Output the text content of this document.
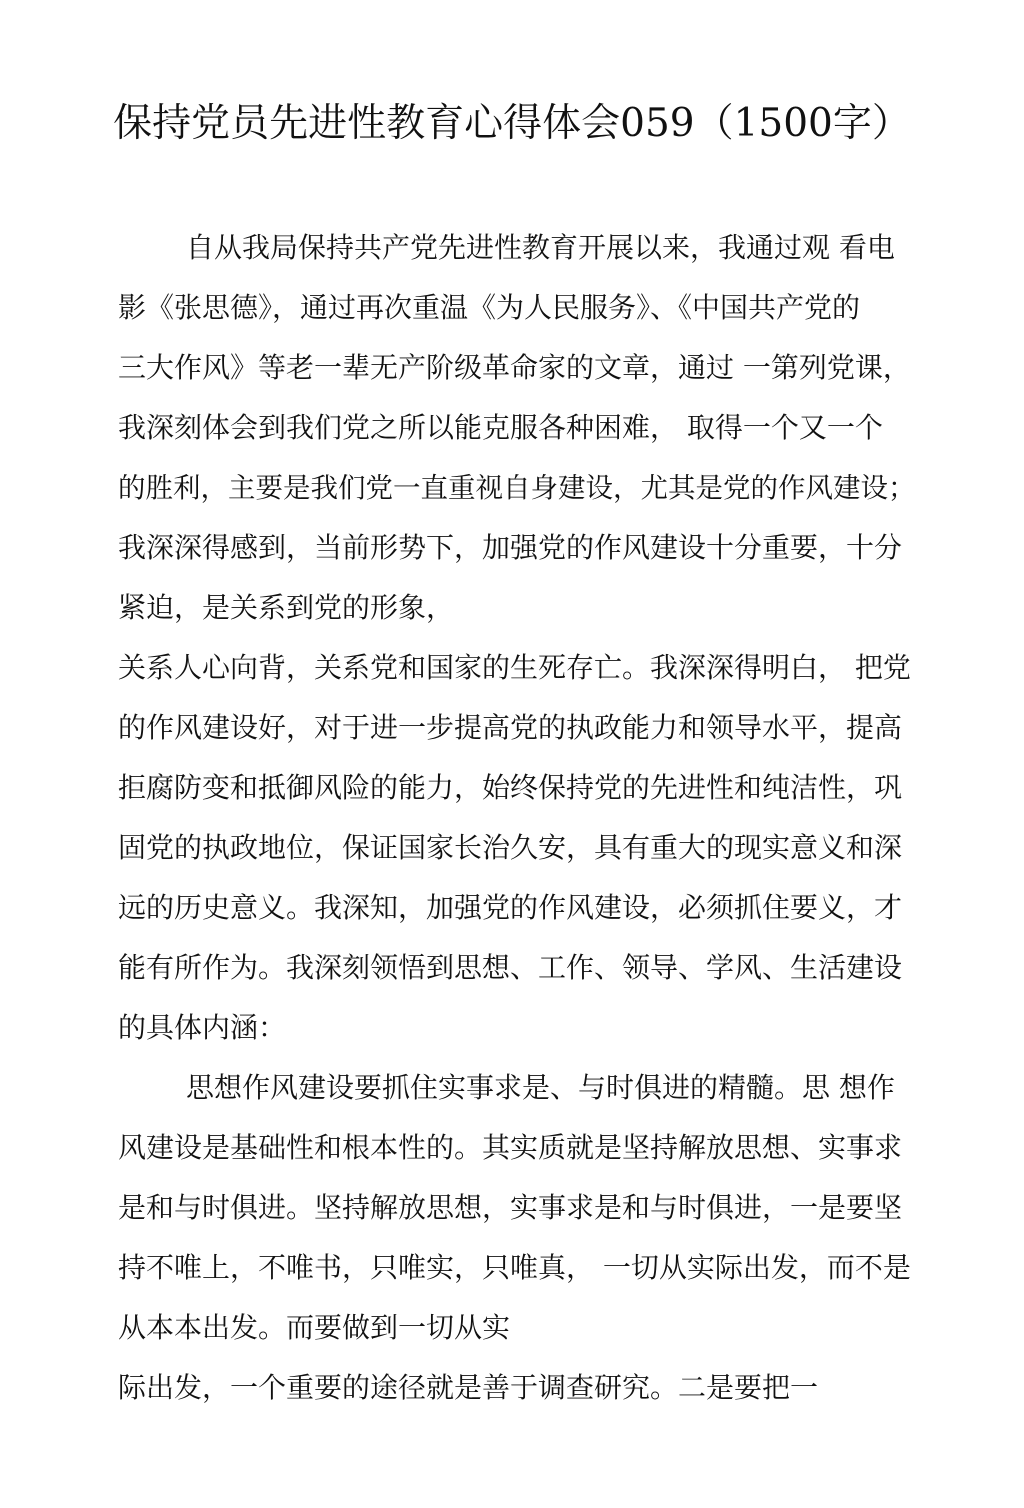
保持党员先进性教育心得体会059（1500字）
自从我局保持共产党先进性教育开展以来，我通过观 看电
影《张思德》，通过再次重温《为人民服务》、《中国共产党的
三大作风》等老一辈无产阶级革命家的文章，通过 一第列党课，
我深刻体会到我们党之所以能克服各种困难， 取得一个又一个
的胜利，主要是我们党一直重视自身建设，尤其是党的作风建设；
我深深得感到，当前形势下，加强党的作风建设十分重要，十分
紧迫，是关系到党的形象，
关系人心向背，关系党和国家的生死存亡。我深深得明白， 把党
的作风建设好，对于进一步提高党的执政能力和领导水平，提高
拒腐防变和抵御风险的能力，始终保持党的先进性和纯洁性，巩
固党的执政地位，保证国家长治久安，具有重大的现实意义和深
远的历史意义。我深知，加强党的作风建设，必须抓住要义，才
能有所作为。我深刻领悟到思想、工作、领导、学风、生活建设
的具体内涵：
思想作风建设要抓住实事求是、与时俱进的精髓。思 想作
风建设是基础性和根本性的。其实质就是坚持解放思想、实事求
是和与时俱进。坚持解放思想，实事求是和与时俱进，一是要坚
持不唯上，不唯书，只唯实，只唯真， 一切从实际出发，而不是
从本本出发。而要做到一切从实
际出发，一个重要的途径就是善于调查研究。二是要把一
